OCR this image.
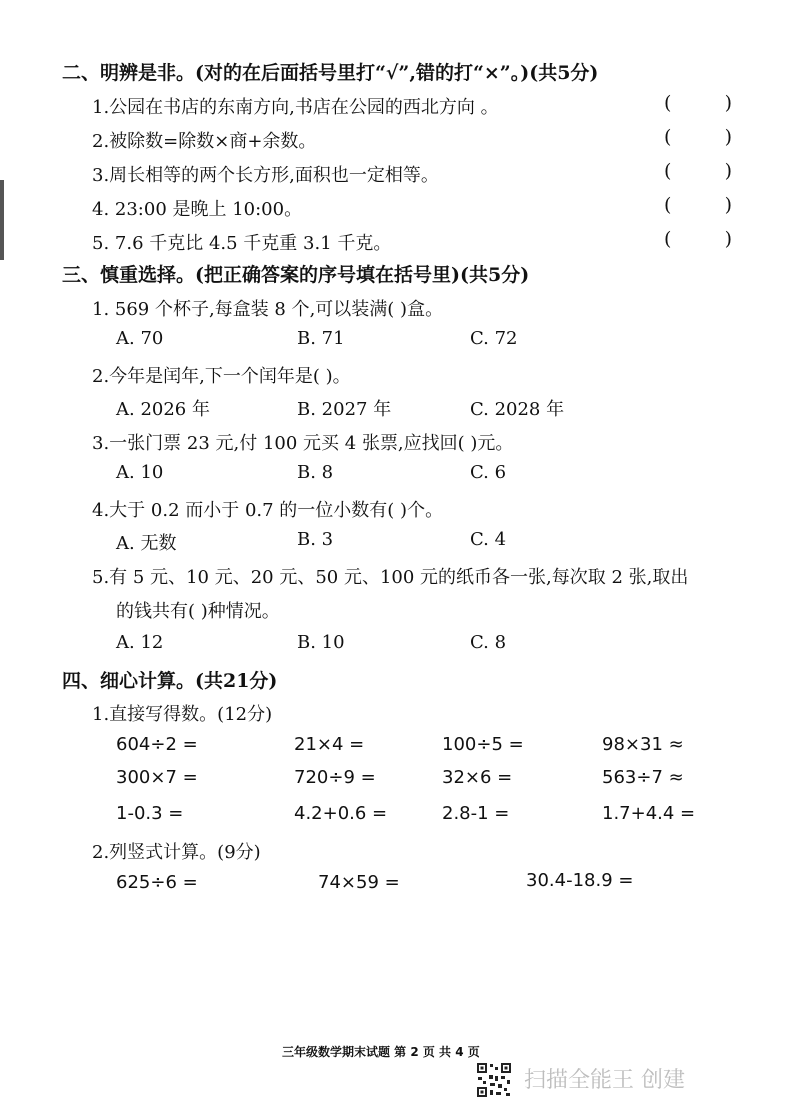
二、明辨是非。(对的在后面括号里打“√”,错的打“×”。)(共5分)
1.公园在书店的东南方向,书店在公园的西北方向 。	(	)
2.被除数=除数×商+余数。	(	)
3.周长相等的两个长方形,面积也一定相等。	(	)
4. 23:00 是晚上 10:00。	(	)
5. 7.6 千克比 4.5 千克重 3.1 千克。	(	)
三、慎重选择。(把正确答案的序号填在括号里)(共5分)
1. 569 个杯子,每盒装 8 个,可以装满( )盒。
A. 70	B. 71	C. 72
2.今年是闰年,下一个闰年是( )。
A. 2026 年	B. 2027 年	C. 2028 年
3.一张门票 23 元,付 100 元买 4 张票,应找回( )元。
A. 10	B. 8	C. 6
4.大于 0.2 而小于 0.7 的一位小数有( )个。
A. 无数	B. 3	C. 4
5.有 5 元、10 元、20 元、50 元、100 元的纸币各一张,每次取 2 张,取出
的钱共有( )种情况。
A. 12	B. 10	C. 8
四、细心计算。(共21分)
1.直接写得数。(12分)
604÷2 =	21×4 =	100÷5 =	98×31 ≈
300×7 =	720÷9 =	32×6 =	563÷7 ≈
1-0.3 =	4.2+0.6 =	2.8-1 =	1.7+4.4 =
2.列竖式计算。(9分)
625÷6 =	74×59 =	30.4-18.9 =
三年级数学期末试题 第 2 页 共 4 页
扫描全能王 创建
